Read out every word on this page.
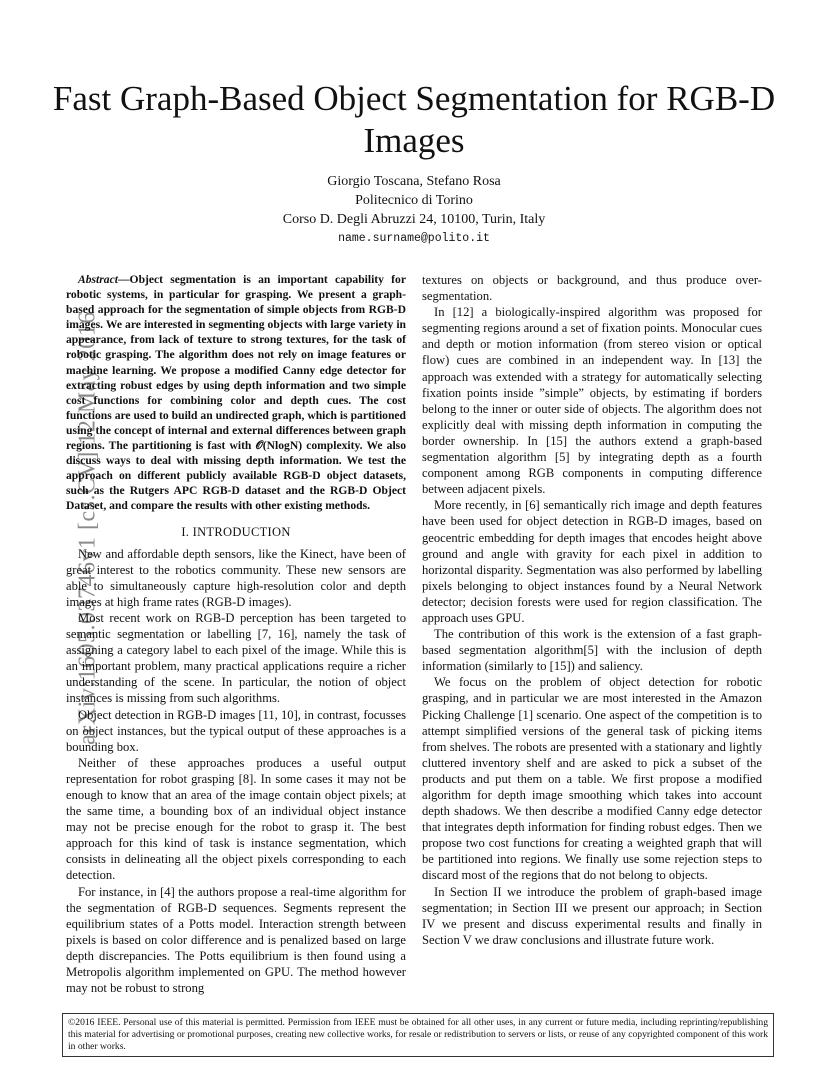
Fast Graph-Based Object Segmentation for RGB-D Images
Giorgio Toscana, Stefano Rosa
Politecnico di Torino
Corso D. Degli Abruzzi 24, 10100, Turin, Italy
name.surname@polito.it
arXiv:1605.03746v1 [cs.CV] 12 May 2016

Abstract—Object segmentation is an important capability for robotic systems, in particular for grasping. We present a graph-based approach for the segmentation of simple objects from RGB-D images. We are interested in segmenting objects with large variety in appearance, from lack of texture to strong textures, for the task of robotic grasping. The algorithm does not rely on image features or machine learning. We propose a modified Canny edge detector for extracting robust edges by using depth information and two simple cost functions for combining color and depth cues. The cost functions are used to build an undirected graph, which is partitioned using the concept of internal and external differences between graph regions. The partitioning is fast with 𝒪(NlogN) complexity. We also discuss ways to deal with missing depth information. We test the approach on different publicly available RGB-D object datasets, such as the Rutgers APC RGB-D dataset and the RGB-D Object Dataset, and compare the results with other existing methods.

I. INTRODUCTION

New and affordable depth sensors, like the Kinect, have been of great interest to the robotics community. These new sensors are able to simultaneously capture high-resolution color and depth images at high frame rates (RGB-D images).

Most recent work on RGB-D perception has been targeted to semantic segmentation or labelling [7, 16], namely the task of assigning a category label to each pixel of the image. While this is an important problem, many practical applications require a richer understanding of the scene. In particular, the notion of object instances is missing from such algorithms.

Object detection in RGB-D images [11, 10], in contrast, focusses on object instances, but the typical output of these approaches is a bounding box.

Neither of these approaches produces a useful output representation for robot grasping [8]. In some cases it may not be enough to know that an area of the image contain object pixels; at the same time, a bounding box of an individual object instance may not be precise enough for the robot to grasp it. The best approach for this kind of task is instance segmentation, which consists in delineating all the object pixels corresponding to each detection.

For instance, in [4] the authors propose a real-time algorithm for the segmentation of RGB-D sequences. Segments represent the equilibrium states of a Potts model. Interaction strength between pixels is based on color difference and is penalized based on large depth discrepancies. The Potts equilibrium is then found using a Metropolis algorithm implemented on GPU. The method however may not be robust to strong

textures on objects or background, and thus produce over-segmentation.

In [12] a biologically-inspired algorithm was proposed for segmenting regions around a set of fixation points. Monocular cues and depth or motion information (from stereo vision or optical flow) cues are combined in an independent way. In [13] the approach was extended with a strategy for automatically selecting fixation points inside ”simple” objects, by estimating if borders belong to the inner or outer side of objects. The algorithm does not explicitly deal with missing depth information in computing the border ownership. In [15] the authors extend a graph-based segmentation algorithm [5] by integrating depth as a fourth component among RGB components in computing difference between adjacent pixels.

More recently, in [6] semantically rich image and depth features have been used for object detection in RGB-D images, based on geocentric embedding for depth images that encodes height above ground and angle with gravity for each pixel in addition to horizontal disparity. Segmentation was also performed by labelling pixels belonging to object instances found by a Neural Network detector; decision forests were used for region classification. The approach uses GPU.

The contribution of this work is the extension of a fast graph-based segmentation algorithm[5] with the inclusion of depth information (similarly to [15]) and saliency.

We focus on the problem of object detection for robotic grasping, and in particular we are most interested in the Amazon Picking Challenge [1] scenario. One aspect of the competition is to attempt simplified versions of the general task of picking items from shelves. The robots are presented with a stationary and lightly cluttered inventory shelf and are asked to pick a subset of the products and put them on a table. We first propose a modified algorithm for depth image smoothing which takes into account depth shadows. We then describe a modified Canny edge detector that integrates depth information for finding robust edges. Then we propose two cost functions for creating a weighted graph that will be partitioned into regions. We finally use some rejection steps to discard most of the regions that do not belong to objects.

In Section II we introduce the problem of graph-based image segmentation; in Section III we present our approach; in Section IV we present and discuss experimental results and finally in Section V we draw conclusions and illustrate future work.

©2016 IEEE. Personal use of this material is permitted. Permission from IEEE must be obtained for all other uses, in any current or future media, including reprinting/republishing this material for advertising or promotional purposes, creating new collective works, for resale or redistribution to servers or lists, or reuse of any copyrighted component of this work in other works.
